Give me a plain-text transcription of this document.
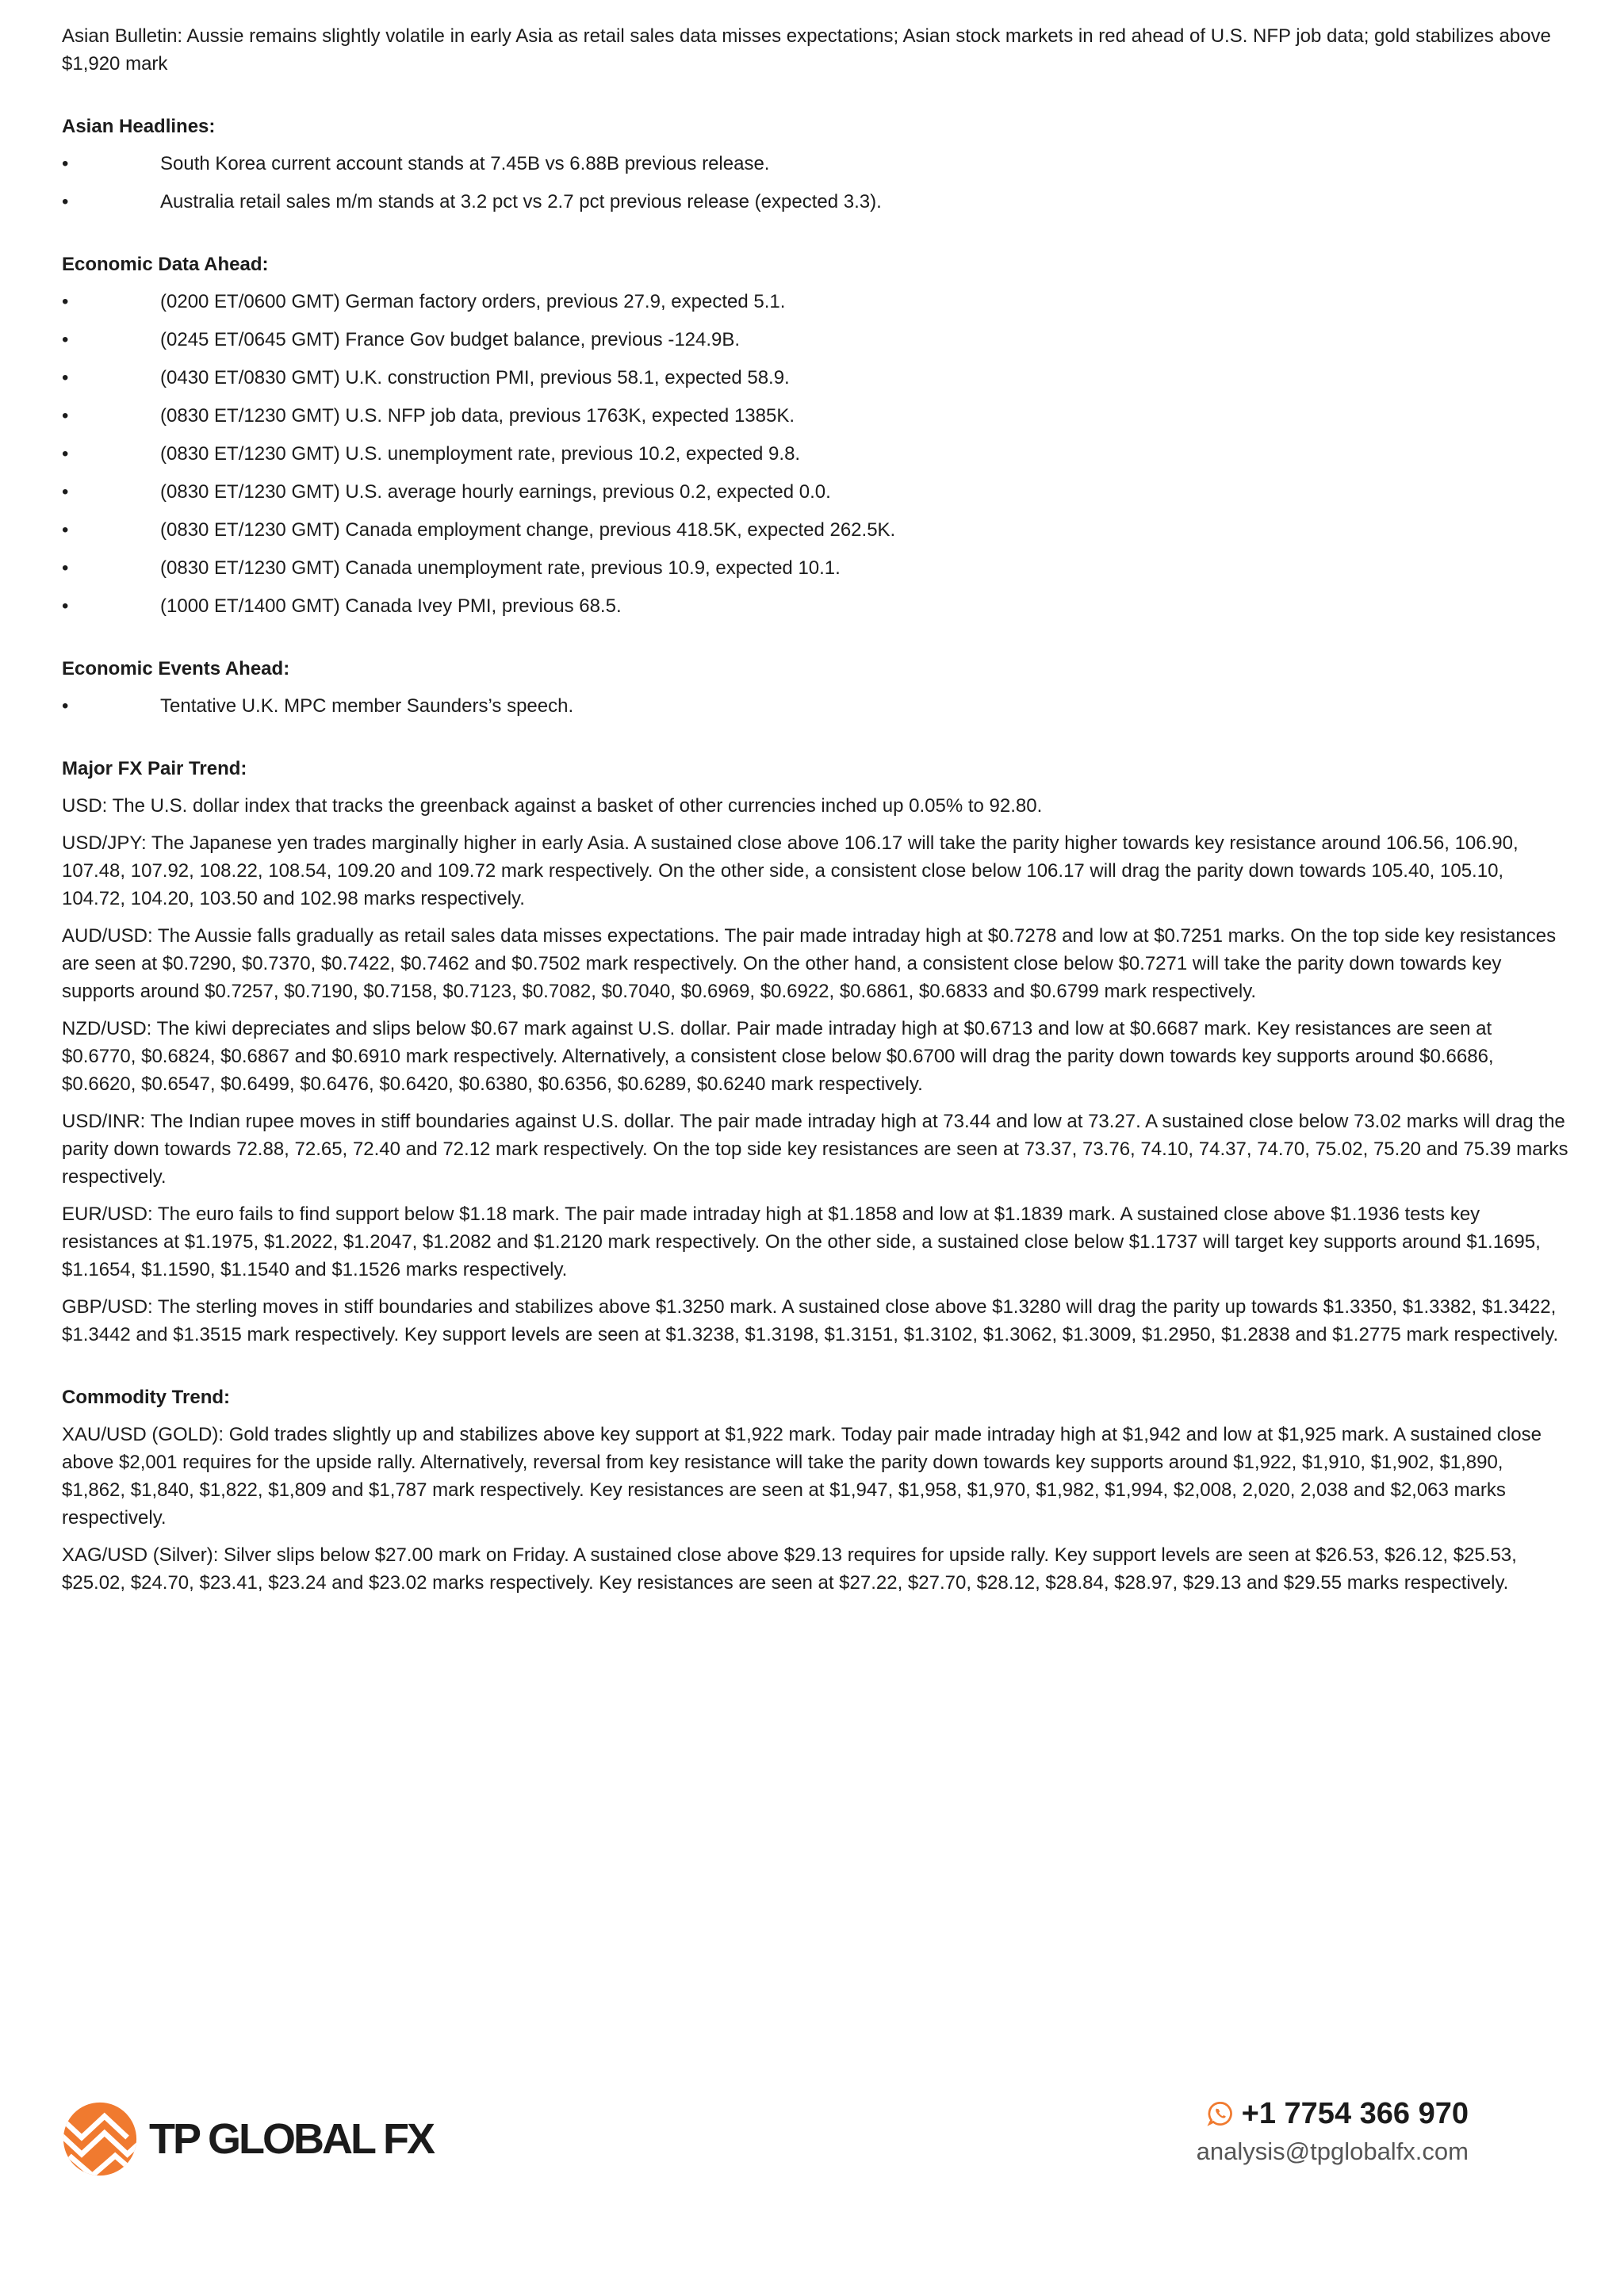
Asian Bulletin: Aussie remains slightly volatile in early Asia as retail sales data misses expectations; Asian stock markets in red ahead of U.S. NFP job data; gold stabilizes above $1,920 mark

Asian Headlines:
•	South Korea current account stands at 7.45B vs 6.88B previous release.
•	Australia retail sales m/m stands at 3.2 pct vs 2.7 pct previous release (expected 3.3).
Economic Data Ahead:
•	(0200 ET/0600 GMT) German factory orders, previous 27.9, expected 5.1.
•	(0245 ET/0645 GMT) France Gov budget balance, previous -124.9B.
•	(0430 ET/0830 GMT) U.K. construction PMI, previous 58.1, expected 58.9.
•	(0830 ET/1230 GMT) U.S. NFP job data, previous 1763K, expected 1385K.
•	(0830 ET/1230 GMT) U.S. unemployment rate, previous 10.2, expected 9.8.
•	(0830 ET/1230 GMT) U.S. average hourly earnings, previous 0.2, expected 0.0.
•	(0830 ET/1230 GMT) Canada employment change, previous 418.5K, expected 262.5K.
•	(0830 ET/1230 GMT) Canada unemployment rate, previous 10.9, expected 10.1.
•	(1000 ET/1400 GMT) Canada Ivey PMI, previous 68.5.
Economic Events Ahead:
•	Tentative U.K. MPC member Saunders’s speech.
Major FX Pair Trend:

USD: The U.S. dollar index that tracks the greenback against a basket of other currencies inched up 0.05% to 92.80.

USD/JPY: The Japanese yen trades marginally higher in early Asia. A sustained close above 106.17 will take the parity higher towards key resistance around 106.56, 106.90, 107.48, 107.92, 108.22, 108.54, 109.20 and 109.72 mark respectively. On the other side, a consistent close below 106.17 will drag the parity down towards 105.40, 105.10, 104.72, 104.20, 103.50 and 102.98 marks respectively.

AUD/USD: The Aussie falls gradually as retail sales data misses expectations. The pair made intraday high at $0.7278 and low at $0.7251 marks. On the top side key resistances are seen at $0.7290, $0.7370, $0.7422, $0.7462 and $0.7502 mark respectively. On the other hand, a consistent close below $0.7271 will take the parity down towards key supports around $0.7257, $0.7190, $0.7158, $0.7123, $0.7082, $0.7040, $0.6969, $0.6922, $0.6861, $0.6833 and $0.6799 mark respectively.

NZD/USD: The kiwi depreciates and slips below $0.67 mark against U.S. dollar. Pair made intraday high at $0.6713 and low at $0.6687 mark. Key resistances are seen at $0.6770, $0.6824, $0.6867 and $0.6910 mark respectively. Alternatively, a consistent close below $0.6700 will drag the parity down towards key supports around $0.6686, $0.6620, $0.6547, $0.6499, $0.6476, $0.6420, $0.6380, $0.6356, $0.6289, $0.6240 mark respectively.

USD/INR: The Indian rupee moves in stiff boundaries against U.S. dollar. The pair made intraday high at 73.44 and low at 73.27. A sustained close below 73.02 marks will drag the parity down towards 72.88, 72.65, 72.40 and 72.12 mark respectively. On the top side key resistances are seen at 73.37, 73.76, 74.10, 74.37, 74.70, 75.02, 75.20 and 75.39 marks respectively.

EUR/USD: The euro fails to find support below $1.18 mark. The pair made intraday high at $1.1858 and low at $1.1839 mark. A sustained close above $1.1936 tests key resistances at $1.1975, $1.2022, $1.2047, $1.2082 and $1.2120 mark respectively. On the other side, a sustained close below $1.1737 will target key supports around $1.1695, $1.1654, $1.1590, $1.1540 and $1.1526 marks respectively.

GBP/USD: The sterling moves in stiff boundaries and stabilizes above $1.3250 mark. A sustained close above $1.3280 will drag the parity up towards $1.3350, $1.3382, $1.3422, $1.3442 and $1.3515 mark respectively. Key support levels are seen at $1.3238, $1.3198, $1.3151, $1.3102, $1.3062, $1.3009, $1.2950, $1.2838 and $1.2775 mark respectively.

Commodity Trend:

XAU/USD (GOLD): Gold trades slightly up and stabilizes above key support at $1,922 mark. Today pair made intraday high at $1,942 and low at $1,925 mark. A sustained close above $2,001 requires for the upside rally. Alternatively, reversal from key resistance will take the parity down towards key supports around $1,922, $1,910, $1,902, $1,890, $1,862, $1,840, $1,822, $1,809 and $1,787 mark respectively. Key resistances are seen at $1,947, $1,958, $1,970, $1,982, $1,994, $2,008, 2,020, 2,038 and $2,063 marks respectively.

XAG/USD (Silver): Silver slips below $27.00 mark on Friday. A sustained close above $29.13 requires for upside rally. Key support levels are seen at $26.53, $26.12, $25.53, $25.02, $24.70, $23.41, $23.24 and $23.02 marks respectively. Key resistances are seen at $27.22, $27.70, $28.12, $28.84, $28.97, $29.13 and $29.55 marks respectively.

TP GLOBAL FX
+1 7754 366 970
analysis@tpglobalfx.com
